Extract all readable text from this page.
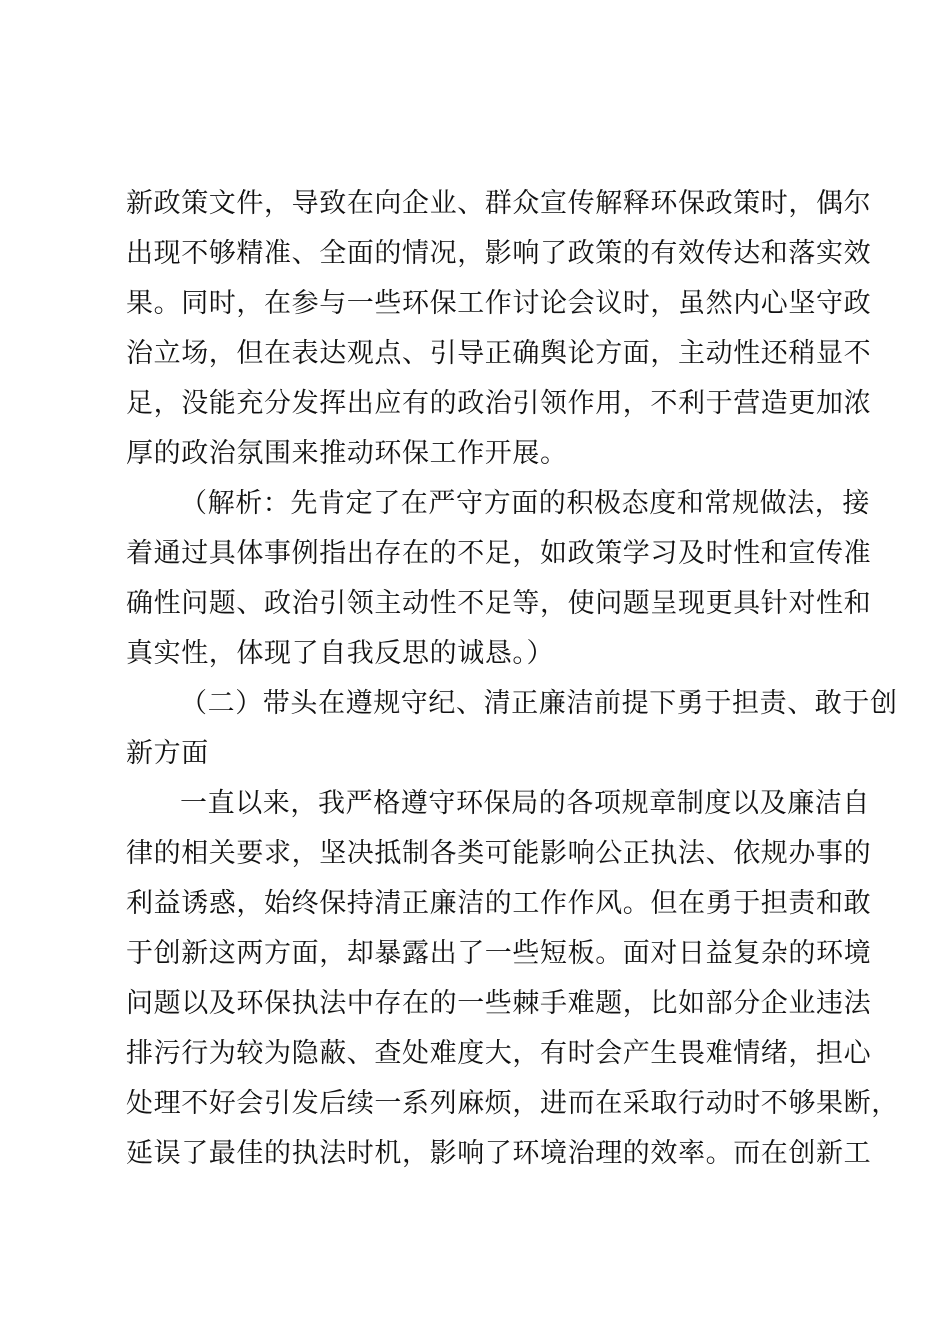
新政策文件，导致在向企业、群众宣传解释环保政策时，偶尔
出现不够精准、全面的情况，影响了政策的有效传达和落实效
果。同时，在参与一些环保工作讨论会议时，虽然内心坚守政
治立场，但在表达观点、引导正确舆论方面，主动性还稍显不
足，没能充分发挥出应有的政治引领作用，不利于营造更加浓
厚的政治氛围来推动环保工作开展。
（解析：先肯定了在严守方面的积极态度和常规做法，接
着通过具体事例指出存在的不足，如政策学习及时性和宣传准
确性问题、政治引领主动性不足等，使问题呈现更具针对性和
真实性，体现了自我反思的诚恳。）
（二）带头在遵规守纪、清正廉洁前提下勇于担责、敢于创
新方面
一直以来，我严格遵守环保局的各项规章制度以及廉洁自
律的相关要求，坚决抵制各类可能影响公正执法、依规办事的
利益诱惑，始终保持清正廉洁的工作作风。但在勇于担责和敢
于创新这两方面，却暴露出了一些短板。面对日益复杂的环境
问题以及环保执法中存在的一些棘手难题，比如部分企业违法
排污行为较为隐蔽、查处难度大，有时会产生畏难情绪，担心
处理不好会引发后续一系列麻烦，进而在采取行动时不够果断，
延误了最佳的执法时机，影响了环境治理的效率。而在创新工
